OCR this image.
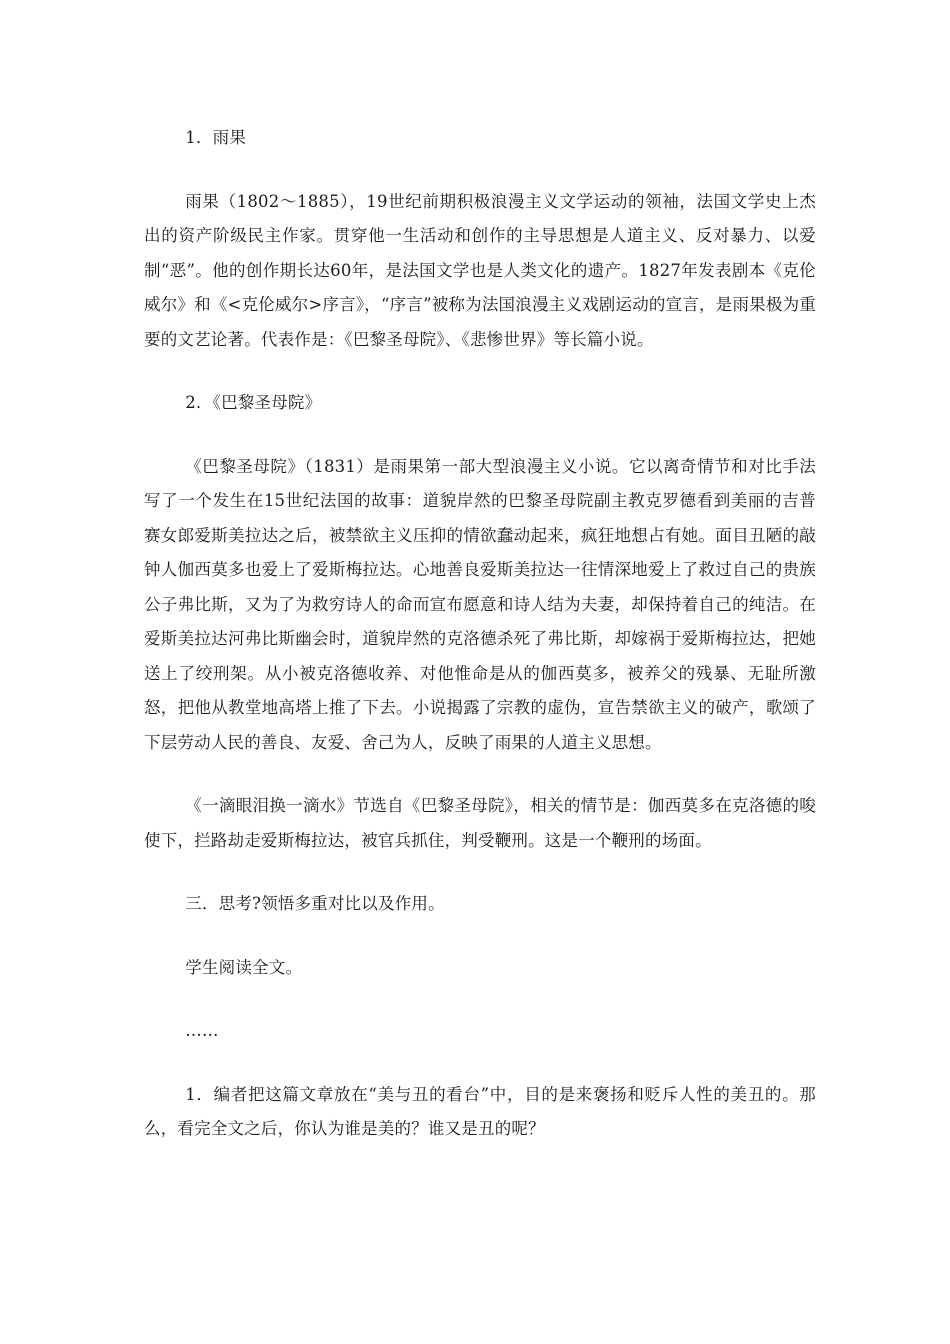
1．雨果

雨果（1802～1885），19世纪前期积极浪漫主义文学运动的领袖，法国文学史上杰出的资产阶级民主作家。贯穿他一生活动和创作的主导思想是人道主义、反对暴力、以爱制“恶”。他的创作期长达60年，是法国文学也是人类文化的遗产。1827年发表剧本《克伦威尔》和《<克伦威尔>序言》，“序言”被称为法国浪漫主义戏剧运动的宣言，是雨果极为重要的文艺论著。代表作是：《巴黎圣母院》、《悲惨世界》等长篇小说。

2．《巴黎圣母院》

《巴黎圣母院》（1831）是雨果第一部大型浪漫主义小说。它以离奇情节和对比手法写了一个发生在15世纪法国的故事：道貌岸然的巴黎圣母院副主教克罗德看到美丽的吉普赛女郎爱斯美拉达之后，被禁欲主义压抑的情欲蠢动起来，疯狂地想占有她。面目丑陋的敲钟人伽西莫多也爱上了爱斯梅拉达。心地善良爱斯美拉达一往情深地爱上了救过自己的贵族公子弗比斯，又为了为救穷诗人的命而宣布愿意和诗人结为夫妻，却保持着自己的纯洁。在爱斯美拉达河弗比斯幽会时，道貌岸然的克洛德杀死了弗比斯，却嫁祸于爱斯梅拉达，把她送上了绞刑架。从小被克洛德收养、对他惟命是从的伽西莫多，被养父的残暴、无耻所激怒，把他从教堂地高塔上推了下去。小说揭露了宗教的虚伪，宣告禁欲主义的破产，歌颂了下层劳动人民的善良、友爱、舍己为人，反映了雨果的人道主义思想。

《一滴眼泪换一滴水》节选自《巴黎圣母院》，相关的情节是：伽西莫多在克洛德的唆使下，拦路劫走爱斯梅拉达，被官兵抓住，判受鞭刑。这是一个鞭刑的场面。

三．思考?领悟多重对比以及作用。

学生阅读全文。

……

1．编者把这篇文章放在“美与丑的看台”中，目的是来褒扬和贬斥人性的美丑的。那么，看完全文之后，你认为谁是美的？谁又是丑的呢？
